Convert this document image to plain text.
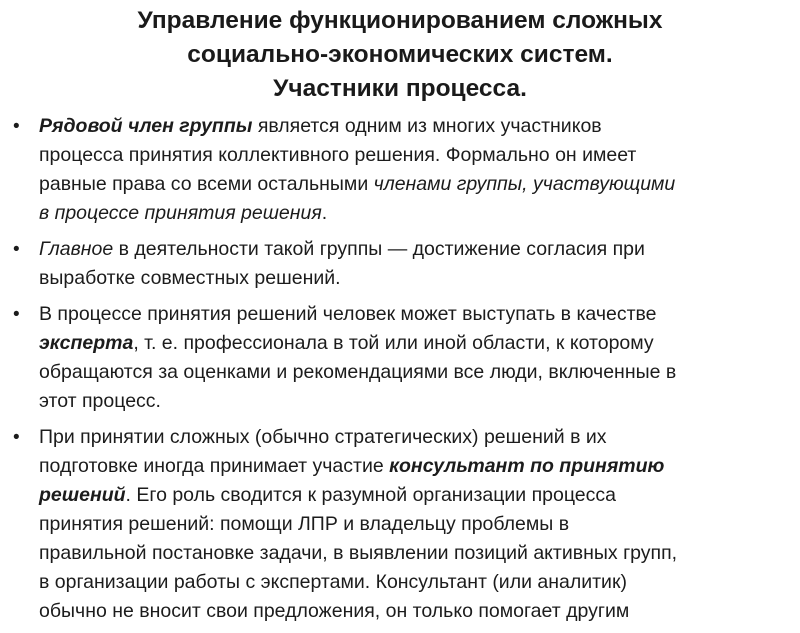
Управление функционированием сложных
социально-экономических систем.
Участники процесса.
• Рядовой член группы является одним из многих участников
процесса принятия коллективного решения. Формально он имеет
равные права со всеми остальными членами группы, участвующими
в процессе принятия решения.
• Главное в деятельности такой группы — достижение согласия при
выработке совместных решений.
• В процессе принятия решений человек может выступать в качестве
эксперта, т. е. профессионала в той или иной области, к которому
обращаются за оценками и рекомендациями все люди, включенные в
этот процесс.
• При принятии сложных (обычно стратегических) решений в их
подготовке иногда принимает участие консультант по принятию
решений. Его роль сводится к разумной организации процесса
принятия решений: помощи ЛПР и владельцу проблемы в
правильной постановке задачи, в выявлении позиций активных групп,
в организации работы с экспертами. Консультант (или аналитик)
обычно не вносит свои предложения, он только помогает другим
